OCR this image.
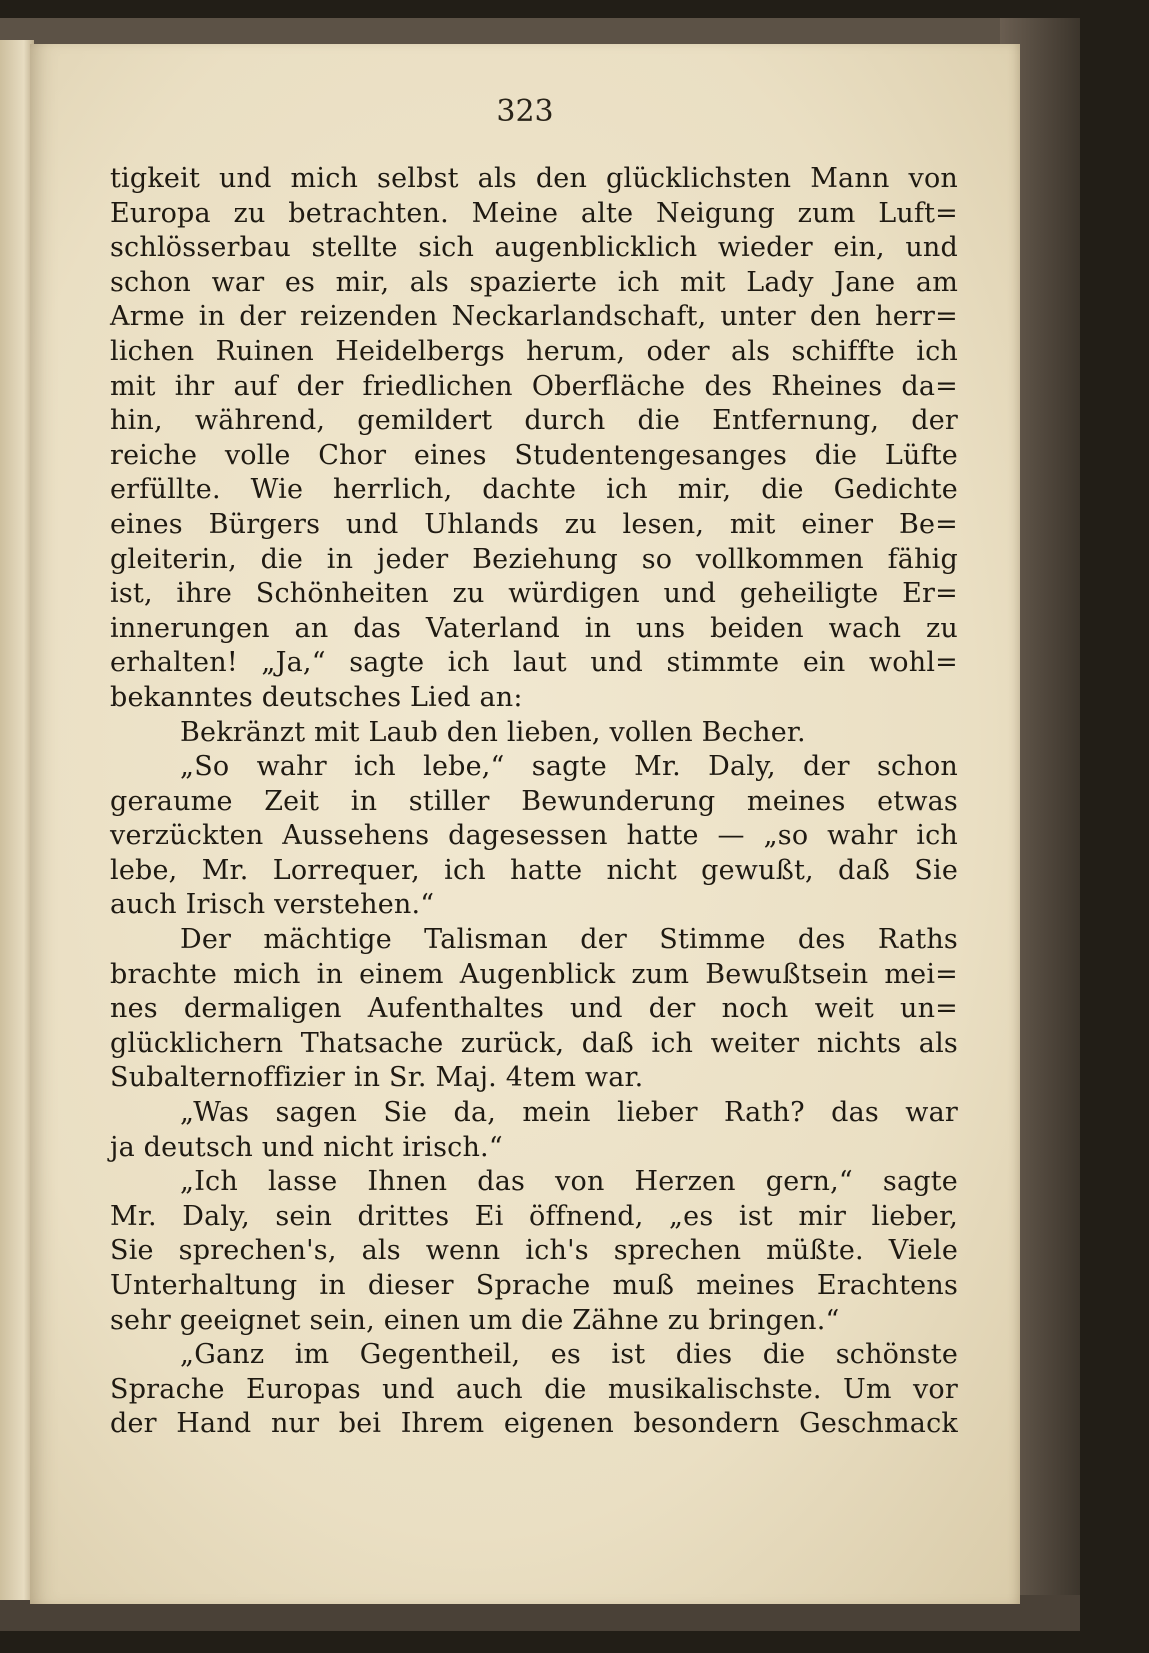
323
tigkeit und mich selbst als den glücklichsten Mann von
Europa zu betrachten. Meine alte Neigung zum Luft=
schlösserbau stellte sich augenblicklich wieder ein, und
schon war es mir, als spazierte ich mit Lady Jane am
Arme in der reizenden Neckarlandschaft, unter den herr=
lichen Ruinen Heidelbergs herum, oder als schiffte ich
mit ihr auf der friedlichen Oberfläche des Rheines da=
hin, während, gemildert durch die Entfernung, der
reiche volle Chor eines Studentengesanges die Lüfte
erfüllte. Wie herrlich, dachte ich mir, die Gedichte
eines Bürgers und Uhlands zu lesen, mit einer Be=
gleiterin, die in jeder Beziehung so vollkommen fähig
ist, ihre Schönheiten zu würdigen und geheiligte Er=
innerungen an das Vaterland in uns beiden wach zu
erhalten! „Ja,“ sagte ich laut und stimmte ein wohl=
bekanntes deutsches Lied an:
Bekränzt mit Laub den lieben, vollen Becher.
„So wahr ich lebe,“ sagte Mr. Daly, der schon
geraume Zeit in stiller Bewunderung meines etwas
verzückten Aussehens dagesessen hatte — „so wahr ich
lebe, Mr. Lorrequer, ich hatte nicht gewußt, daß Sie
auch Irisch verstehen.“
Der mächtige Talisman der Stimme des Raths
brachte mich in einem Augenblick zum Bewußtsein mei=
nes dermaligen Aufenthaltes und der noch weit un=
glücklichern Thatsache zurück, daß ich weiter nichts als
Subalternoffizier in Sr. Maj. 4tem war.
„Was sagen Sie da, mein lieber Rath? das war
ja deutsch und nicht irisch.“
„Ich lasse Ihnen das von Herzen gern,“ sagte
Mr. Daly, sein drittes Ei öffnend, „es ist mir lieber,
Sie sprechen's, als wenn ich's sprechen müßte. Viele
Unterhaltung in dieser Sprache muß meines Erachtens
sehr geeignet sein, einen um die Zähne zu bringen.“
„Ganz im Gegentheil, es ist dies die schönste
Sprache Europas und auch die musikalischste. Um vor
der Hand nur bei Ihrem eigenen besondern Geschmack
